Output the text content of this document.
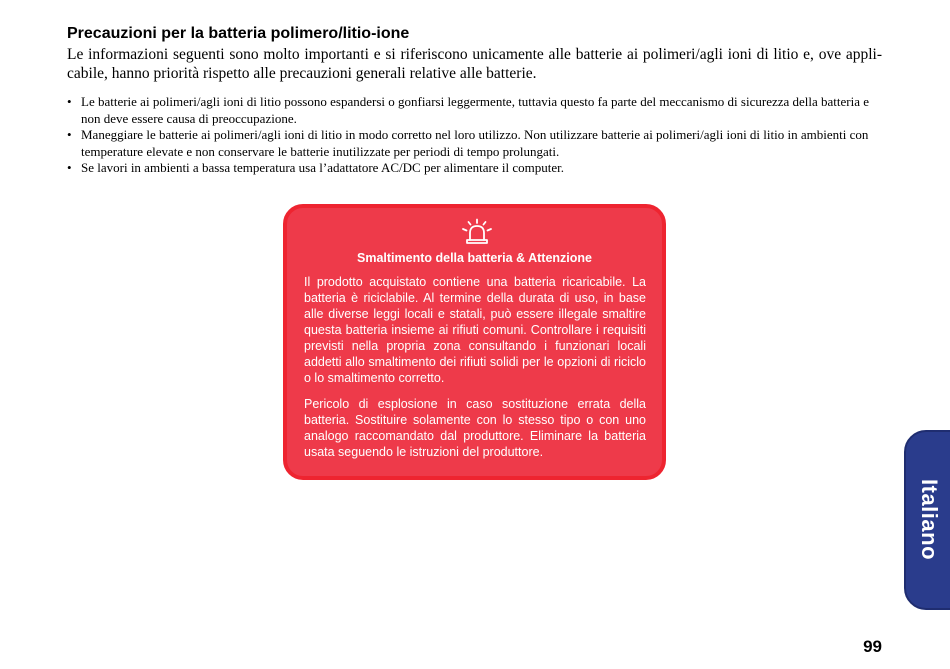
Precauzioni per la batteria polimero/litio-ione

Le informazioni seguenti sono molto importanti e si riferiscono unicamente alle batterie ai polimeri/agli ioni di litio e, ove appli-cabile, hanno priorità rispetto alle precauzioni generali relative alle batterie.

• Le batterie ai polimeri/agli ioni di litio possono espandersi o gonfiarsi leggermente, tuttavia questo fa parte del meccanismo di sicurezza della batteria e non deve essere causa di preoccupazione.
• Maneggiare le batterie ai polimeri/agli ioni di litio in modo corretto nel loro utilizzo. Non utilizzare batterie ai polimeri/agli ioni di litio in ambienti con temperature elevate e non conservare le batterie inutilizzate per periodi di tempo prolungati.
• Se lavori in ambienti a bassa temperatura usa l’adattatore AC/DC per alimentare il computer.

Smaltimento della batteria & Attenzione

Il prodotto acquistato contiene una batteria ricaricabile. La batteria è riciclabile. Al termine della durata di uso, in base alle diverse leggi locali e statali, può essere illegale smaltire questa batteria insieme ai rifiuti comuni. Controllare i requisiti previsti nella propria zona consultando i funzionari locali addetti allo smaltimento dei rifiuti solidi per le opzioni di riciclo o lo smaltimento corretto.

Pericolo di esplosione in caso sostituzione errata della batteria. Sostituire solamente con lo stesso tipo o con uno analogo raccomandato dal produttore. Eliminare la batteria usata seguendo le istruzioni del produttore.

Italiano
99
